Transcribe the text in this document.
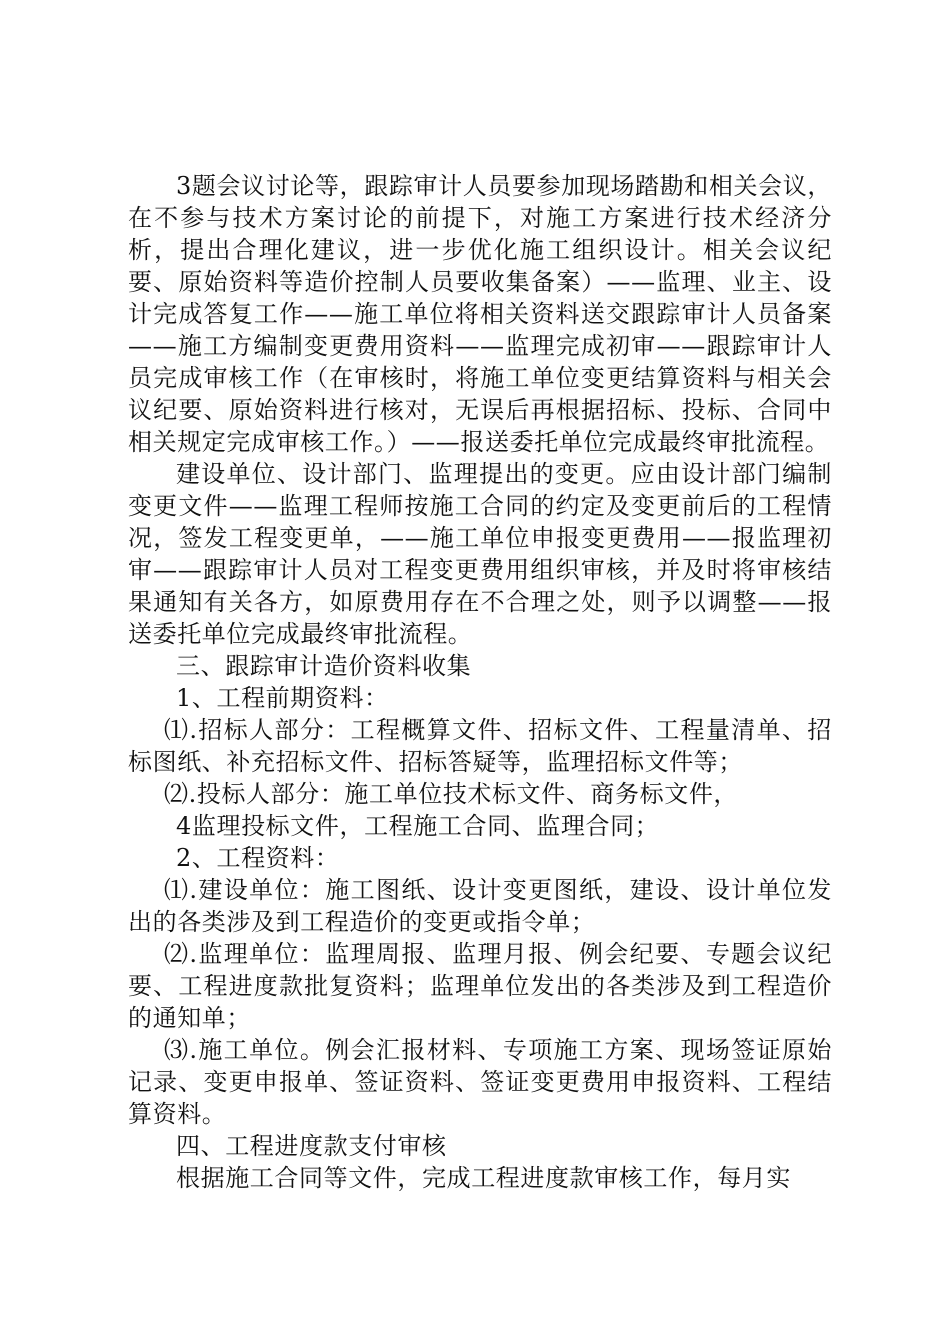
3题会议讨论等，跟踪审计人员要参加现场踏勘和相关会议，在不参与技术方案讨论的前提下，对施工方案进行技术经济分析，提出合理化建议，进一步优化施工组织设计。相关会议纪要、原始资料等造价控制人员要收集备案）——监理、业主、设计完成答复工作——施工单位将相关资料送交跟踪审计人员备案——施工方编制变更费用资料——监理完成初审——跟踪审计人员完成审核工作（在审核时，将施工单位变更结算资料与相关会议纪要、原始资料进行核对，无误后再根据招标、投标、合同中相关规定完成审核工作。）——报送委托单位完成最终审批流程。

建设单位、设计部门、监理提出的变更。应由设计部门编制变更文件——监理工程师按施工合同的约定及变更前后的工程情况，签发工程变更单，——施工单位申报变更费用——报监理初审——跟踪审计人员对工程变更费用组织审核，并及时将审核结果通知有关各方，如原费用存在不合理之处，则予以调整——报送委托单位完成最终审批流程。

三、跟踪审计造价资料收集

1、工程前期资料：

⑴.招标人部分：工程概算文件、招标文件、工程量清单、招标图纸、补充招标文件、招标答疑等，监理招标文件等；

⑵.投标人部分：施工单位技术标文件、商务标文件，

4监理投标文件，工程施工合同、监理合同；

2、工程资料：

⑴.建设单位：施工图纸、设计变更图纸，建设、设计单位发出的各类涉及到工程造价的变更或指令单；

⑵.监理单位：监理周报、监理月报、例会纪要、专题会议纪要、工程进度款批复资料；监理单位发出的各类涉及到工程造价的通知单；

⑶.施工单位。例会汇报材料、专项施工方案、现场签证原始记录、变更申报单、签证资料、签证变更费用申报资料、工程结算资料。

四、工程进度款支付审核

根据施工合同等文件，完成工程进度款审核工作，每月实
